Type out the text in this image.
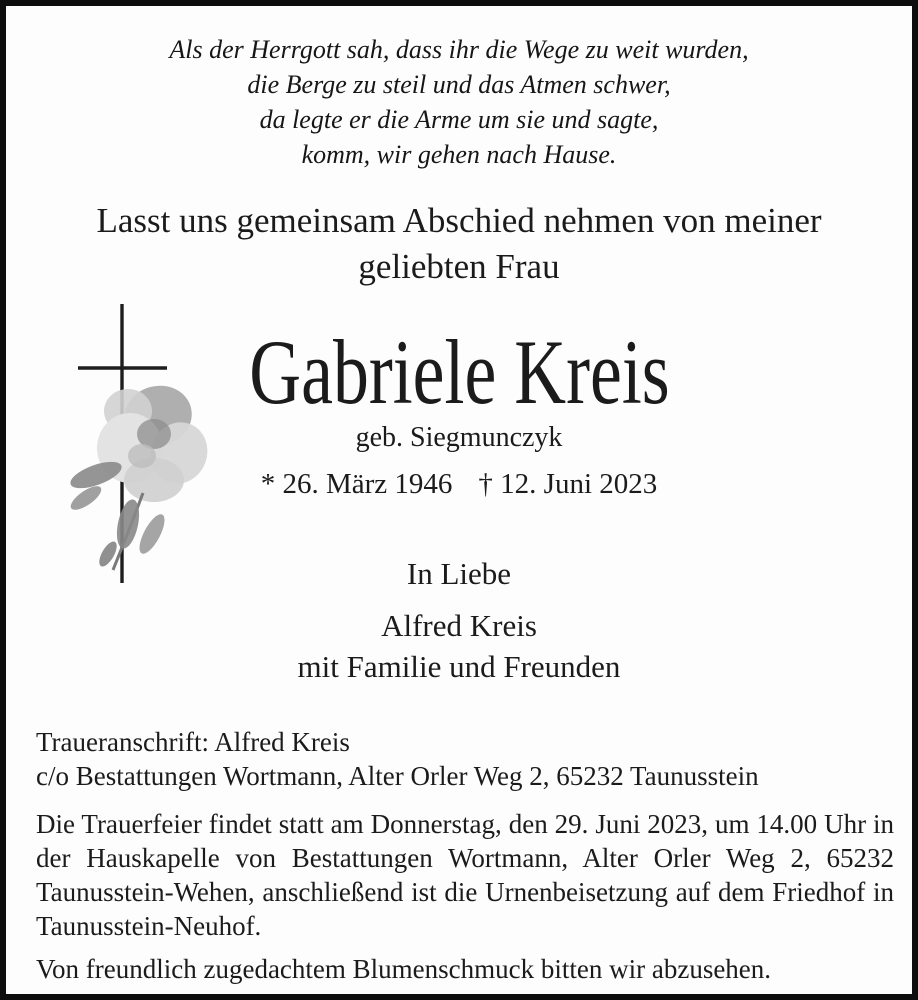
Als der Herrgott sah, dass ihr die Wege zu weit wurden,
die Berge zu steil und das Atmen schwer,
da legte er die Arme um sie und sagte,
komm, wir gehen nach Hause.
Lasst uns gemeinsam Abschied nehmen von meiner
geliebten Frau
Gabriele Kreis
geb. Siegmunczyk
* 26. März 1946 † 12. Juni 2023
In Liebe
Alfred Kreis
mit Familie und Freunden
Traueranschrift: Alfred Kreis
c/o Bestattungen Wortmann, Alter Orler Weg 2, 65232 Taunusstein

Die Trauerfeier findet statt am Donnerstag, den 29. Juni 2023, um 14.00 Uhr in der Hauskapelle von Bestattungen Wortmann, Alter Orler Weg 2, 65232 Taunusstein-Wehen, anschließend ist die Urnenbeisetzung auf dem Friedhof in Taunusstein-Neuhof.

Von freundlich zugedachtem Blumenschmuck bitten wir abzusehen.
